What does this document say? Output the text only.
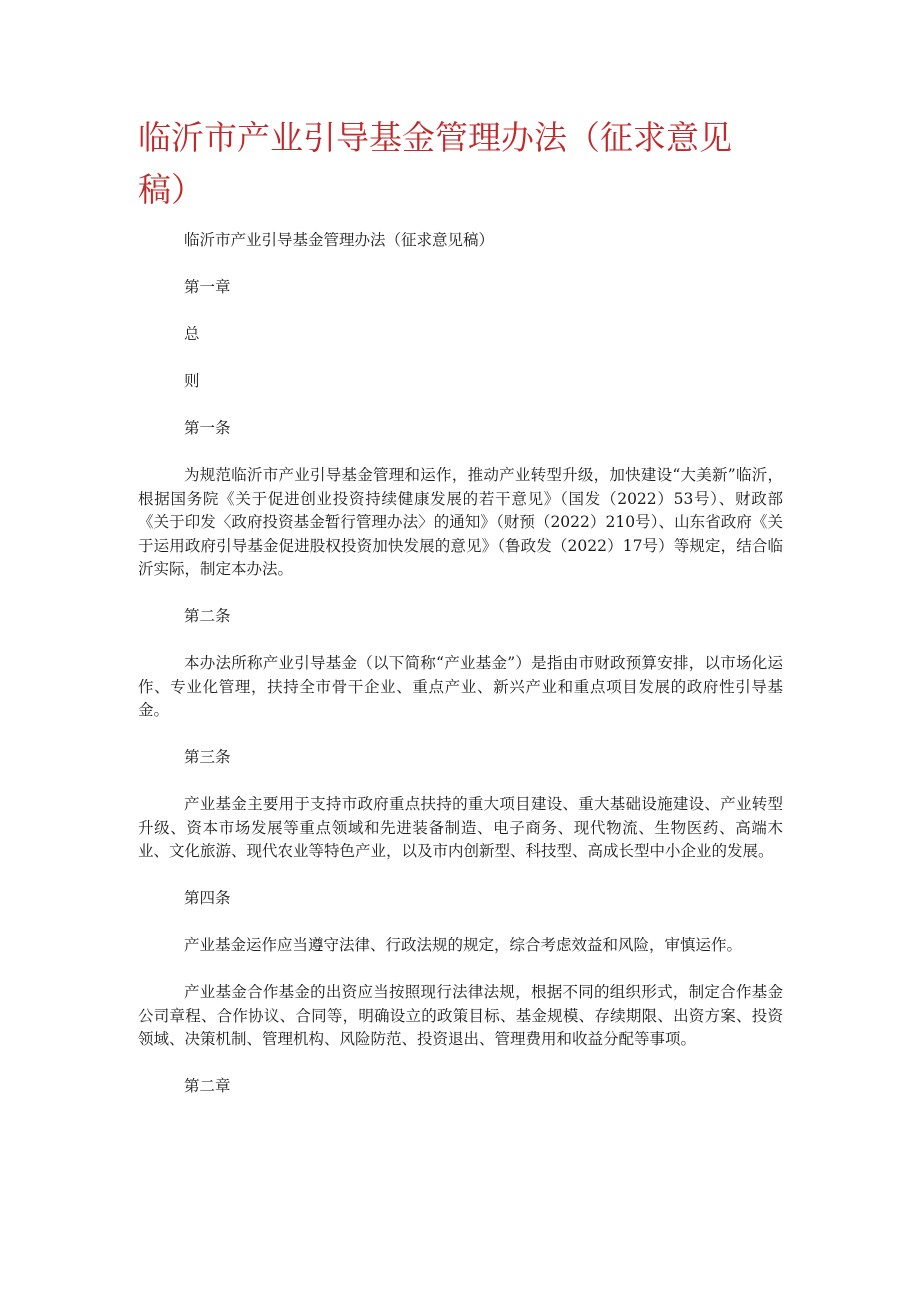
临沂市产业引导基金管理办法（征求意见稿）

临沂市产业引导基金管理办法（征求意见稿）

第一章

总

则

第一条

为规范临沂市产业引导基金管理和运作，推动产业转型升级，加快建设“大美新”临沂，根据国务院《关于促进创业投资持续健康发展的若干意见》（国发（2022）53号）、财政部《关于印发〈政府投资基金暂行管理办法〉的通知》（财预（2022）210号）、山东省政府《关于运用政府引导基金促进股权投资加快发展的意见》（鲁政发（2022）17号）等规定，结合临沂实际，制定本办法。

第二条

本办法所称产业引导基金（以下简称“产业基金”）是指由市财政预算安排，以市场化运作、专业化管理，扶持全市骨干企业、重点产业、新兴产业和重点项目发展的政府性引导基金。

第三条

产业基金主要用于支持市政府重点扶持的重大项目建设、重大基础设施建设、产业转型升级、资本市场发展等重点领域和先进装备制造、电子商务、现代物流、生物医药、高端木业、文化旅游、现代农业等特色产业，以及市内创新型、科技型、高成长型中小企业的发展。

第四条

产业基金运作应当遵守法律、行政法规的规定，综合考虑效益和风险，审慎运作。

产业基金合作基金的出资应当按照现行法律法规，根据不同的组织形式，制定合作基金公司章程、合作协议、合同等，明确设立的政策目标、基金规模、存续期限、出资方案、投资领域、决策机制、管理机构、风险防范、投资退出、管理费用和收益分配等事项。

第二章
